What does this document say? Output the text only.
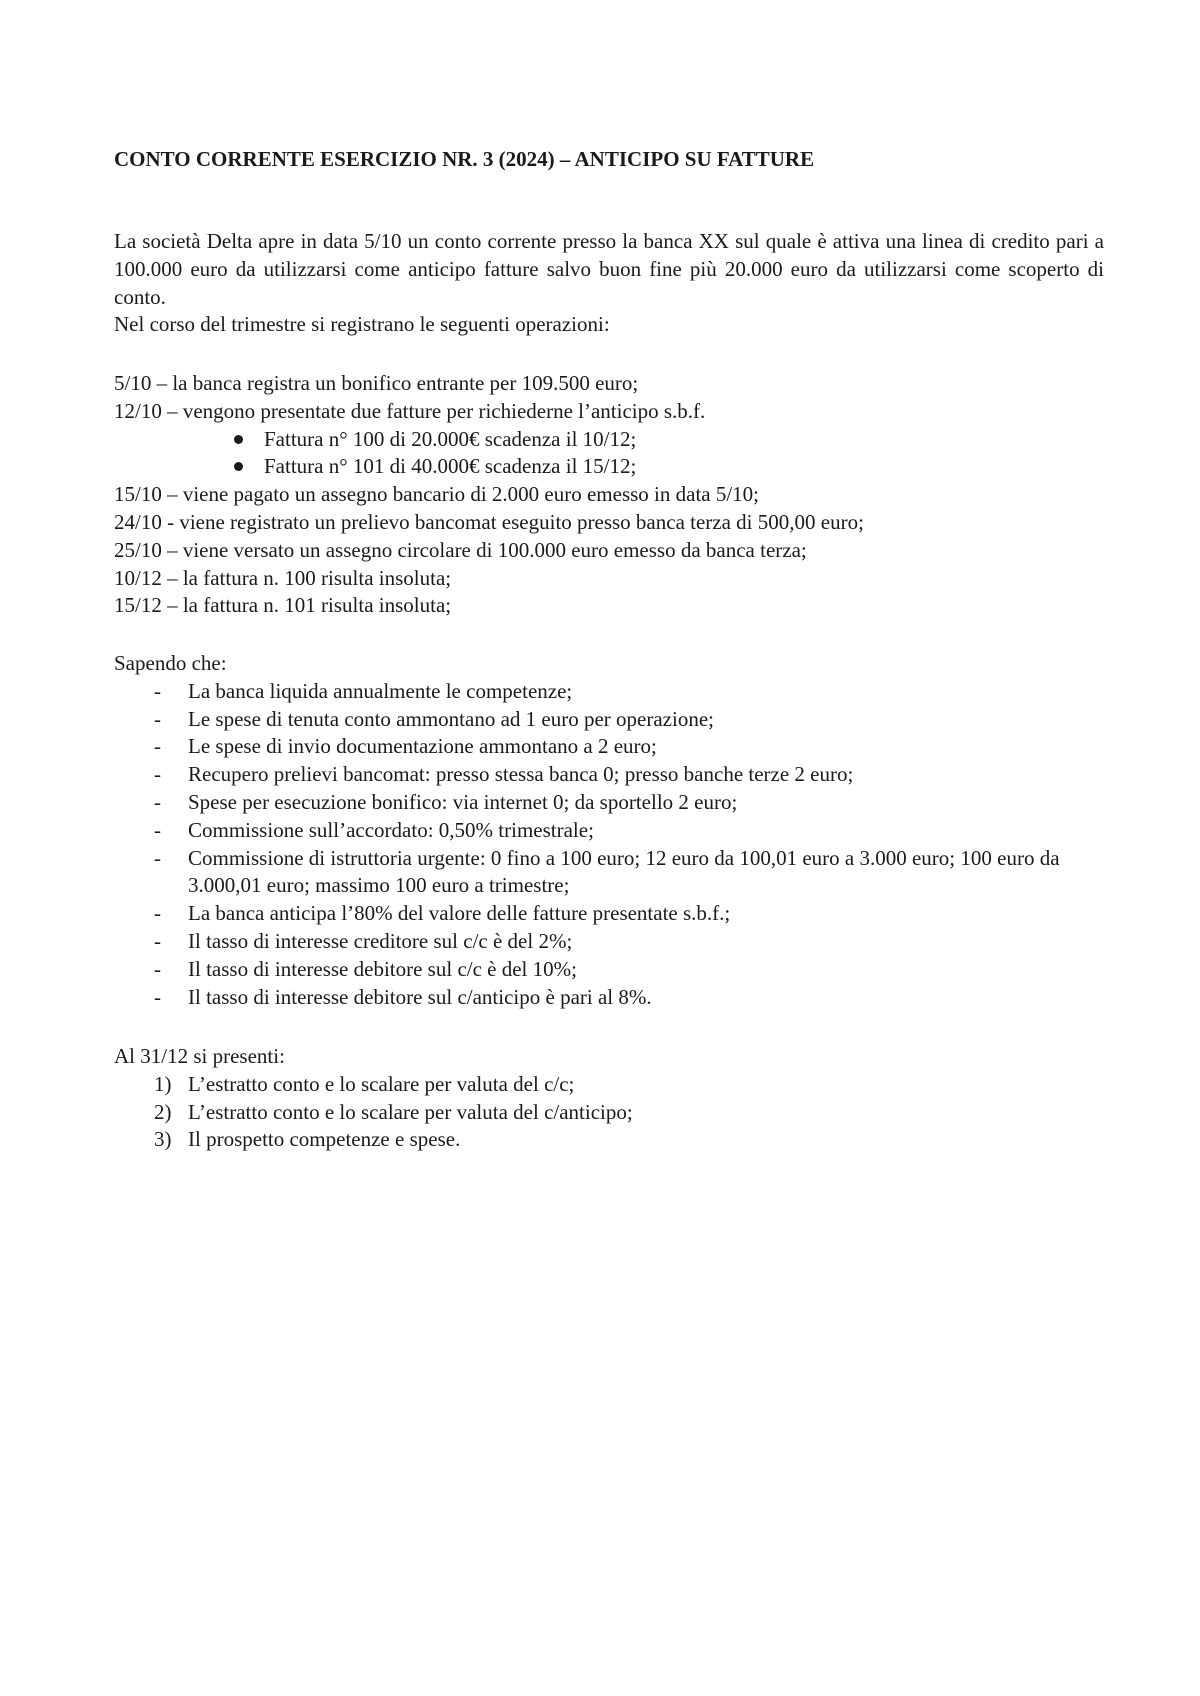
CONTO CORRENTE ESERCIZIO NR. 3 (2024) – ANTICIPO SU FATTURE

La società Delta apre in data 5/10 un conto corrente presso la banca XX sul quale è attiva una linea di credito pari a 100.000 euro da utilizzarsi come anticipo fatture salvo buon fine più 20.000 euro da utilizzarsi come scoperto di conto.

Nel corso del trimestre si registrano le seguenti operazioni:

5/10 – la banca registra un bonifico entrante per 109.500 euro;

12/10 – vengono presentate due fatture per richiederne l’anticipo s.b.f.

Fattura n° 100 di 20.000€ scadenza il 10/12;
Fattura n° 101 di 40.000€ scadenza il 15/12;

15/10 – viene pagato un assegno bancario di 2.000 euro emesso in data 5/10;

24/10 - viene registrato un prelievo bancomat eseguito presso banca terza di 500,00 euro;

25/10 – viene versato un assegno circolare di 100.000 euro emesso da banca terza;

10/12 – la fattura n. 100 risulta insoluta;

15/12 – la fattura n. 101 risulta insoluta;

Sapendo che:

- La banca liquida annualmente le competenze;
- Le spese di tenuta conto ammontano ad 1 euro per operazione;
- Le spese di invio documentazione ammontano a 2 euro;
- Recupero prelievi bancomat: presso stessa banca 0; presso banche terze 2 euro;
- Spese per esecuzione bonifico: via internet 0; da sportello 2 euro;
- Commissione sull’accordato: 0,50% trimestrale;
- Commissione di istruttoria urgente: 0 fino a 100 euro; 12 euro da 100,01 euro a 3.000 euro; 100 euro da 3.000,01 euro; massimo 100 euro a trimestre;
- La banca anticipa l’80% del valore delle fatture presentate s.b.f.;
- Il tasso di interesse creditore sul c/c è del 2%;
- Il tasso di interesse debitore sul c/c è del 10%;
- Il tasso di interesse debitore sul c/anticipo è pari al 8%.

Al 31/12 si presenti:

1) L’estratto conto e lo scalare per valuta del c/c;
2) L’estratto conto e lo scalare per valuta del c/anticipo;
3) Il prospetto competenze e spese.
